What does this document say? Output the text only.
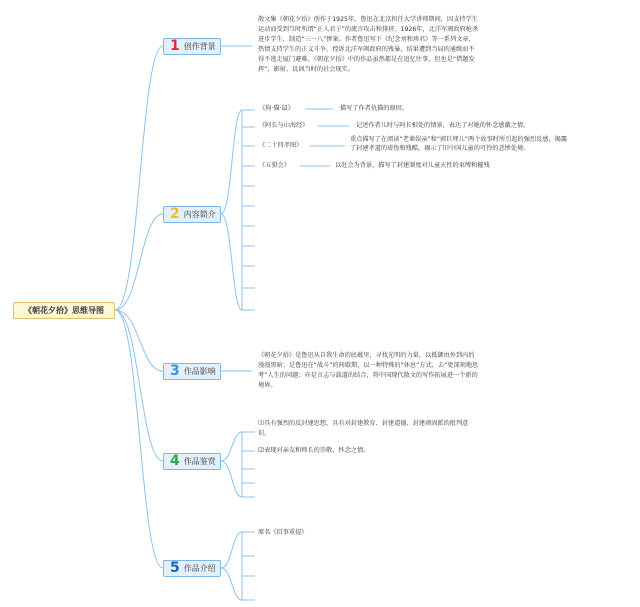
《朝花夕拾》思维导图
1 创作背景
散文集《朝花夕拾》创作于1925年，鲁迅在北京担任大学讲师期间，因支持学生
运动而受到当时所谓“正人君子”的流言攻击和排挤。1926年，北洋军阀政府枪杀
进步学生，制造“三一八”惨案。作者鲁迅写下《纪念刘和珍君》等一系列文章，
热情支持学生的正义斗争，控诉北洋军阀政府的残暴，结果遭到当局的通缉而不
得不逃走厦门避难。《朝花夕拾》中的作品虽然都是在追忆往事，但也是“借题发
挥”，影射、讥讽当时的社会现实。
2 内容简介
《狗·猫·鼠》	描写了作者仇猫的原因。
《阿长与山海经》	记述作者儿时与阿长相处的情景，表达了对她的怀念感激之情。
《二十四孝图》
重点描写了在阅读“老莱娱亲”和“郭巨埋儿”两个故事时所引起的强烈反感，揭露
了封建孝道的虚伪和残酷，揭示了旧中国儿童的可怜的悲惨处境。
《五猖会》	以赶会为背景，描写了封建制度对儿童天性的束缚和摧残
3 作品影响
《朝花夕拾》是鲁迅从自我生命的底蕴里，寻找光明的力量，以抵御由外到内的
漫漫黑暗；是鲁迅在“战斗”的间歇期，以一种特殊的“休息”方式，去“更深刻地思
考”人生的问题；亦是言志与载道的结合，将中国现代散文的写作拓展进一个新的
境界。
4 作品鉴赏
⑴具有强烈的反封建思想，具有对封建教育、封建道德、封建顽固派的批判意
识。
⑵表现对亲友和师长的崇敬、怀念之情。
5 作品介绍
原名《旧事重提》
